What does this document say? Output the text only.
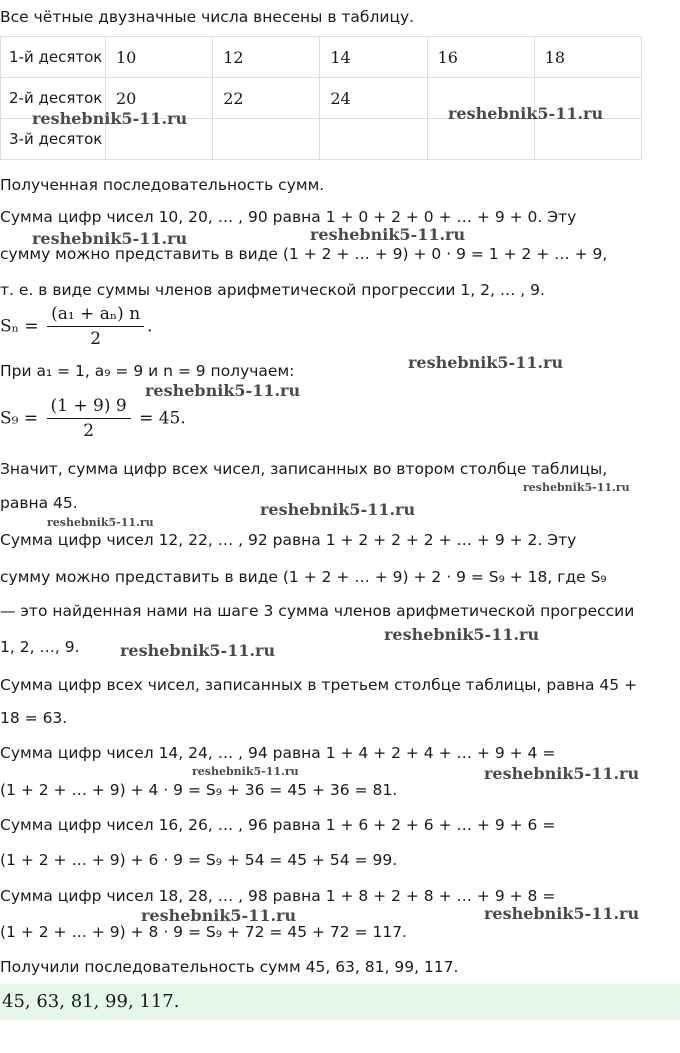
Все чётные двузначные числа внесены в таблицу.
1-й десяток	10	12	14	16	18
2-й десяток	20	22	24		
3-й десяток					
Полученная последовательность сумм.
Сумма цифр чисел 10, 20, … , 90 равна 1 + 0 + 2 + 0 + … + 9 + 0. Эту
сумму можно представить в виде (1 + 2 + … + 9) + 0 · 9 = 1 + 2 + … + 9,
т. е. в виде суммы членов арифметической прогрессии 1, 2, … , 9.
$S_n = \frac{\text{(a₁ + aₙ) n}}{2}$ .
При a₁ = 1, a₉ = 9 и n = 9 получаем:
$S_9 = \frac{(1 + 9) 9}{2} = 45$.
Значит, сумма цифр всех чисел, записанных во втором столбце таблицы,
равна 45.
Сумма цифр чисел 12, 22, … , 92 равна 1 + 2 + 2 + 2 + … + 9 + 2. Эту
сумму можно представить в виде (1 + 2 + … + 9) + 2 · 9 = S₉ + 18, где S₉
— это найденная нами на шаге 3 сумма членов арифметической прогрессии
1, 2, …, 9.
Сумма цифр всех чисел, записанных в третьем столбце таблицы, равна 45 +
18 = 63.
Сумма цифр чисел 14, 24, … , 94 равна 1 + 4 + 2 + 4 + … + 9 + 4 =
(1 + 2 + … + 9) + 4 · 9 = S₉ + 36 = 45 + 36 = 81.
Сумма цифр чисел 16, 26, … , 96 равна 1 + 6 + 2 + 6 + … + 9 + 6 =
(1 + 2 + … + 9) + 6 · 9 = S₉ + 54 = 45 + 54 = 99.
Сумма цифр чисел 18, 28, … , 98 равна 1 + 8 + 2 + 8 + … + 9 + 8 =
(1 + 2 + … + 9) + 8 · 9 = S₉ + 72 = 45 + 72 = 117.
Получили последовательность сумм 45, 63, 81, 99, 117.
45, 63, 81, 99, 117.
reshebnik5-11.ru	reshebnik5-11.ru
reshebnik5-11.ru	reshebnik5-11.ru
reshebnik5-11.ru
reshebnik5-11.ru
reshebnik5-11.ru
reshebnik5-11.ru
reshebnik5-11.ru
reshebnik5-11.ru
reshebnik5-11.ru
reshebnik5-11.ru	reshebnik5-11.ru
reshebnik5-11.ru	reshebnik5-11.ru
